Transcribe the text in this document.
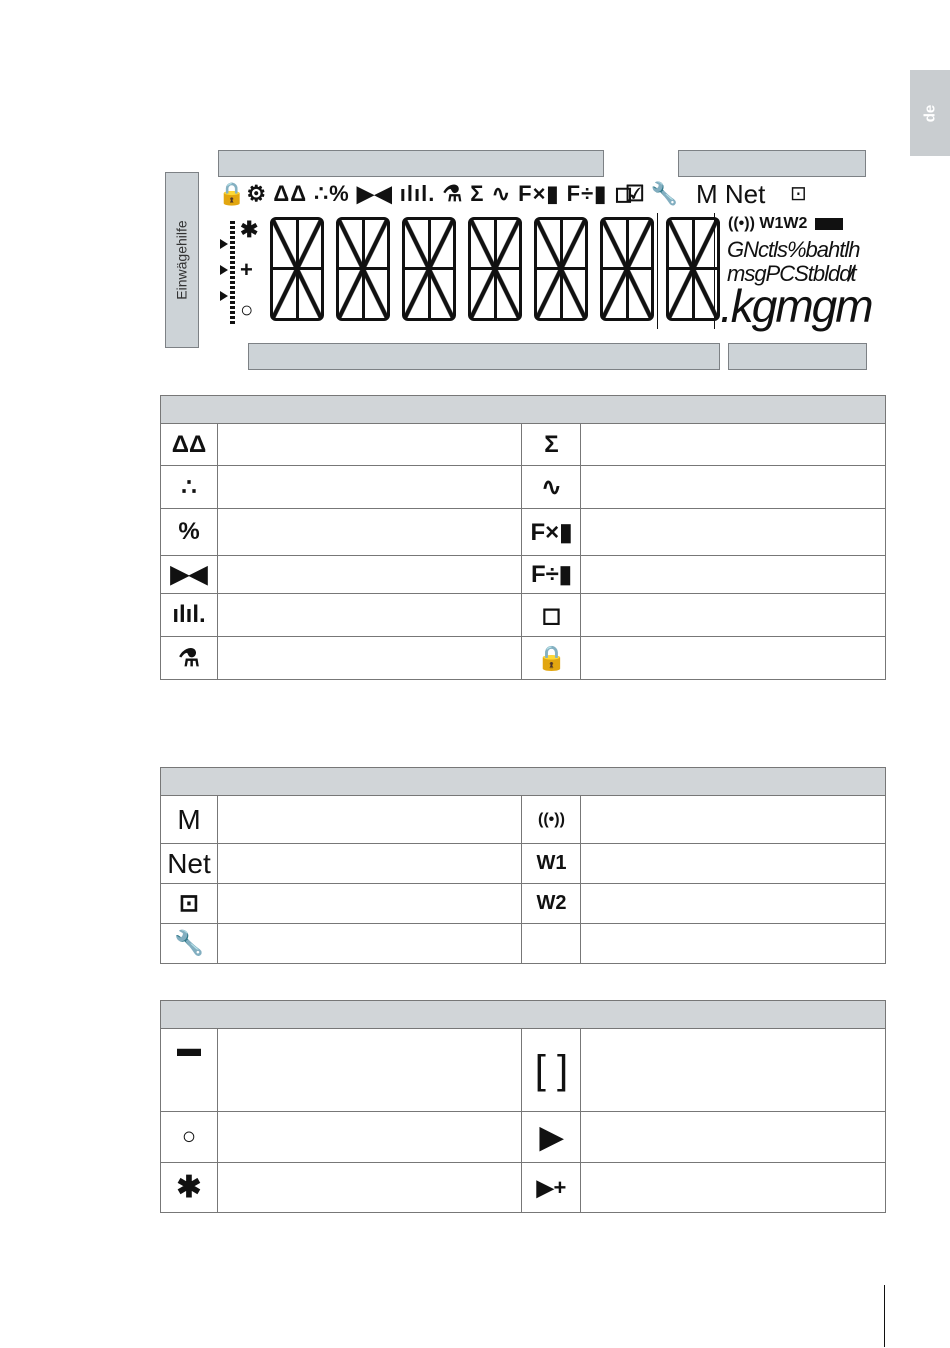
de
Einwägehilfe
🔒⚙ ΔΔ ∴% ▶◀ ılıl. ⚗ Σ ∿ F×▮ F÷▮ ◻
☑ 🔧 M Net ⊡
✱
+
○
((•)) W1W2
GNctls%bahtlh
msgPCStbldd̸t
.kgmgm

ΔΔ		Σ	
∴		∿	
%		F×▮	
▶◀		F÷▮	
ılıl.		◻	
⚗		🔒	

M		((•))	
Net		W1	
⊡		W2	
🔧			

▬		[ ]	
○		▶	
✱		▶+	
